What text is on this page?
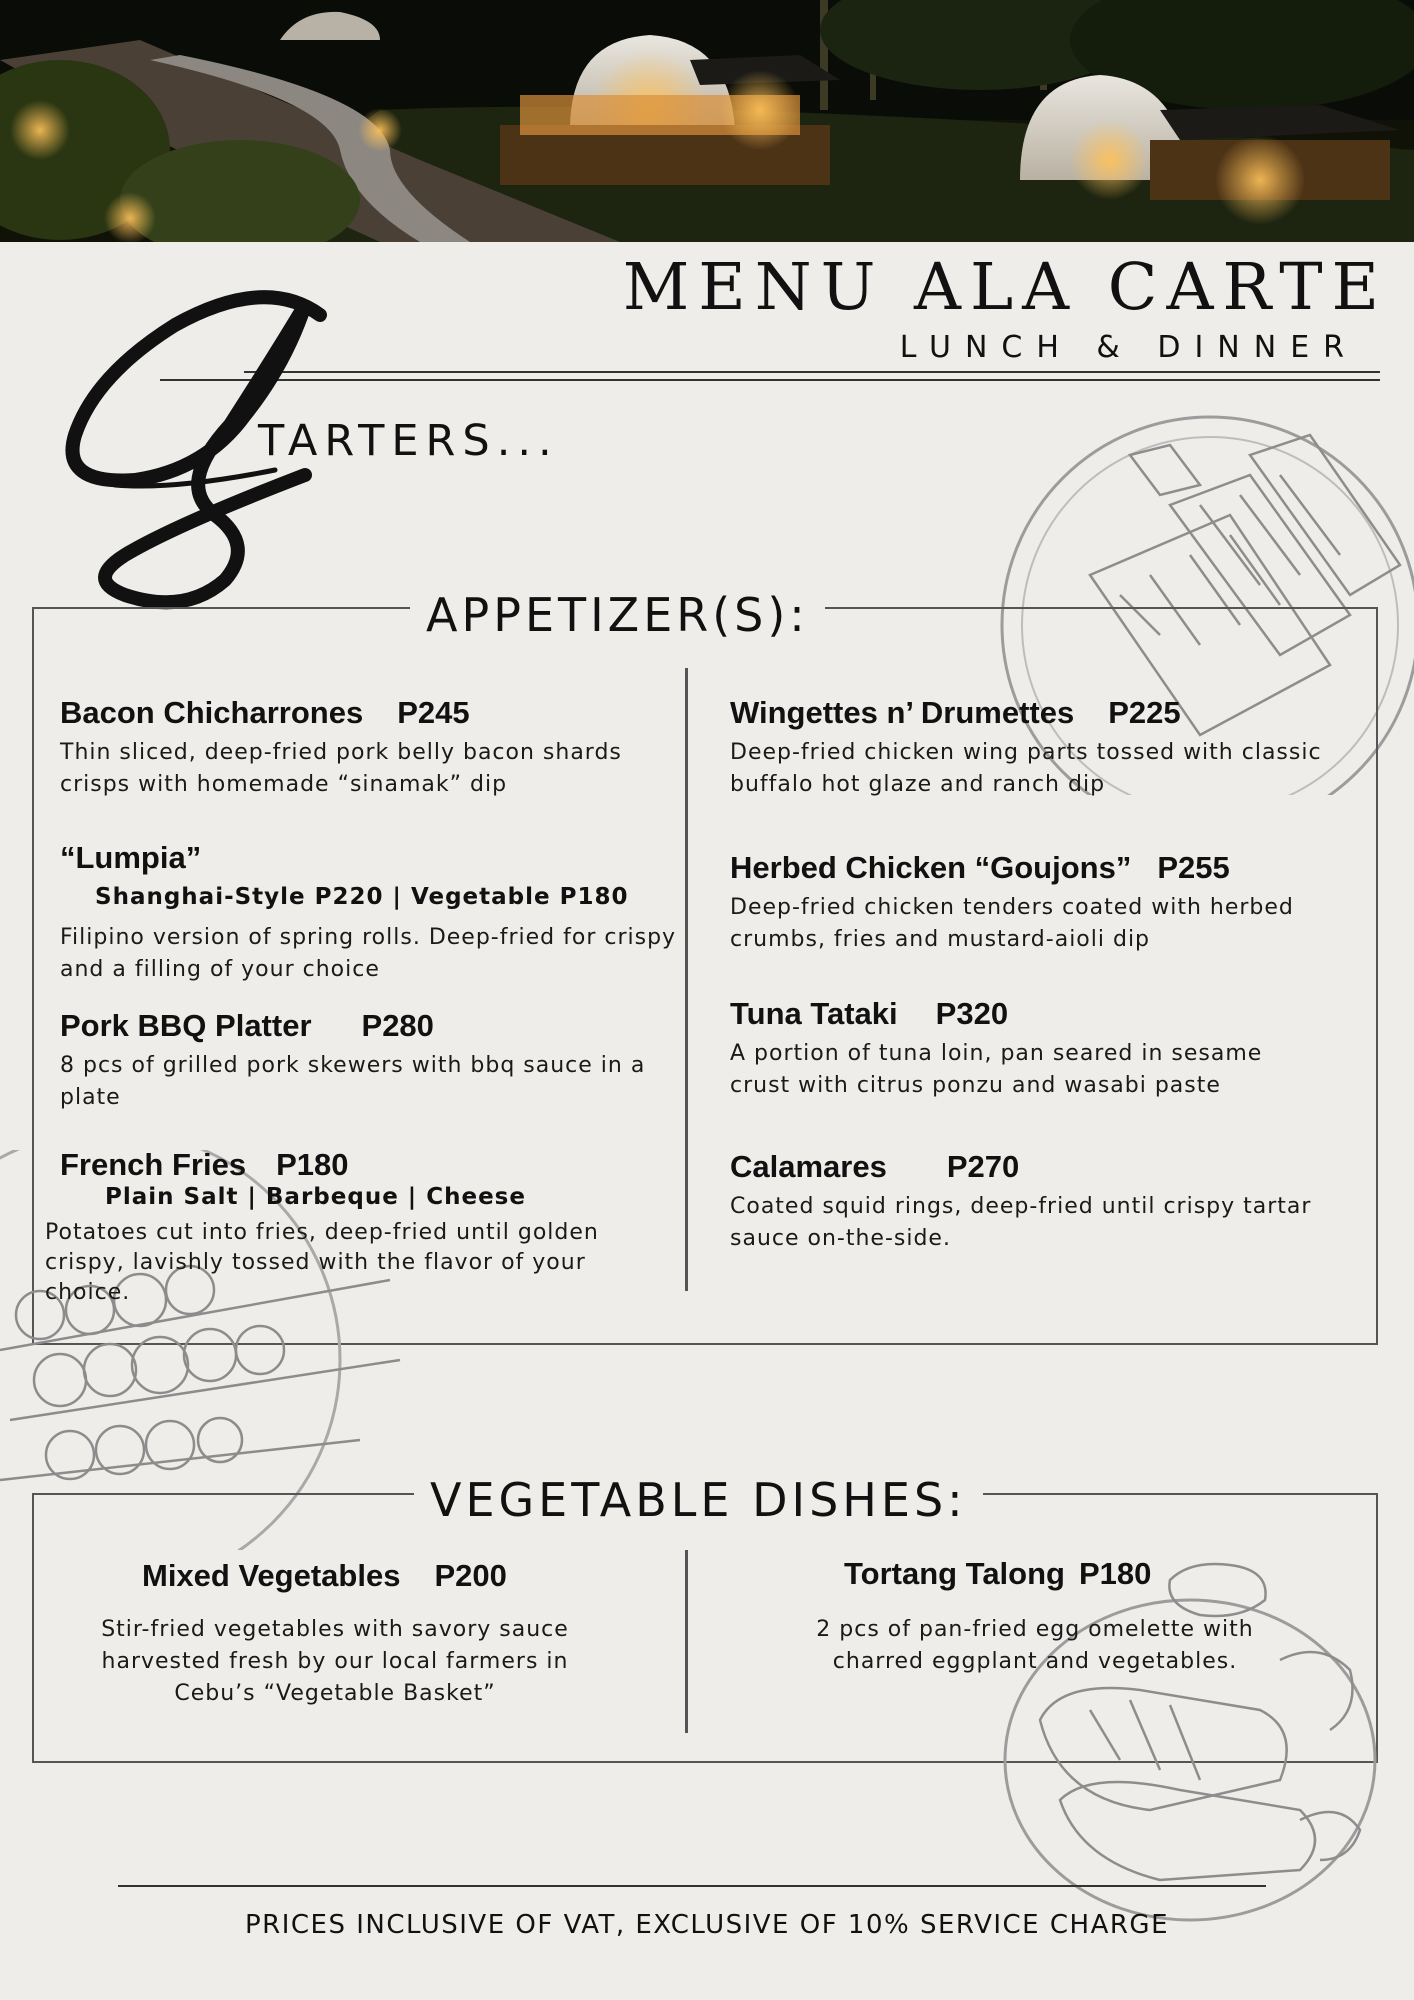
MENU ALA CARTE
LUNCH & DINNER
TARTERS...
APPETIZER(S):
Bacon Chicharrones P245
Thin sliced, deep-fried pork belly bacon shards crisps with homemade “sinamak” dip
“Lumpia”
Shanghai-Style P220 | Vegetable P180
Filipino version of spring rolls. Deep-fried for crispy and a filling of your choice
Pork BBQ Platter P280
8 pcs of grilled pork skewers with bbq sauce in a plate
French Fries P180
Plain Salt | Barbeque | Cheese
Potatoes cut into fries, deep-fried until golden crispy, lavishly tossed with the flavor of your choice.
Wingettes n’ Drumettes P225
Deep-fried chicken wing parts tossed with classic buffalo hot glaze and ranch dip
Herbed Chicken “Goujons” P255
Deep-fried chicken tenders coated with herbed crumbs, fries and mustard-aioli dip
Tuna Tataki P320
A portion of tuna loin, pan seared in sesame crust with citrus ponzu and wasabi paste
Calamares P270
Coated squid rings, deep-fried until crispy tartar sauce on-the-side.
VEGETABLE DISHES:
Mixed Vegetables P200
Stir-fried vegetables with savory sauce harvested fresh by our local farmers in Cebu’s “Vegetable Basket”
Tortang Talong P180
2 pcs of pan-fried egg omelette with charred eggplant and vegetables.
PRICES INCLUSIVE OF VAT, EXCLUSIVE OF 10% SERVICE CHARGE
